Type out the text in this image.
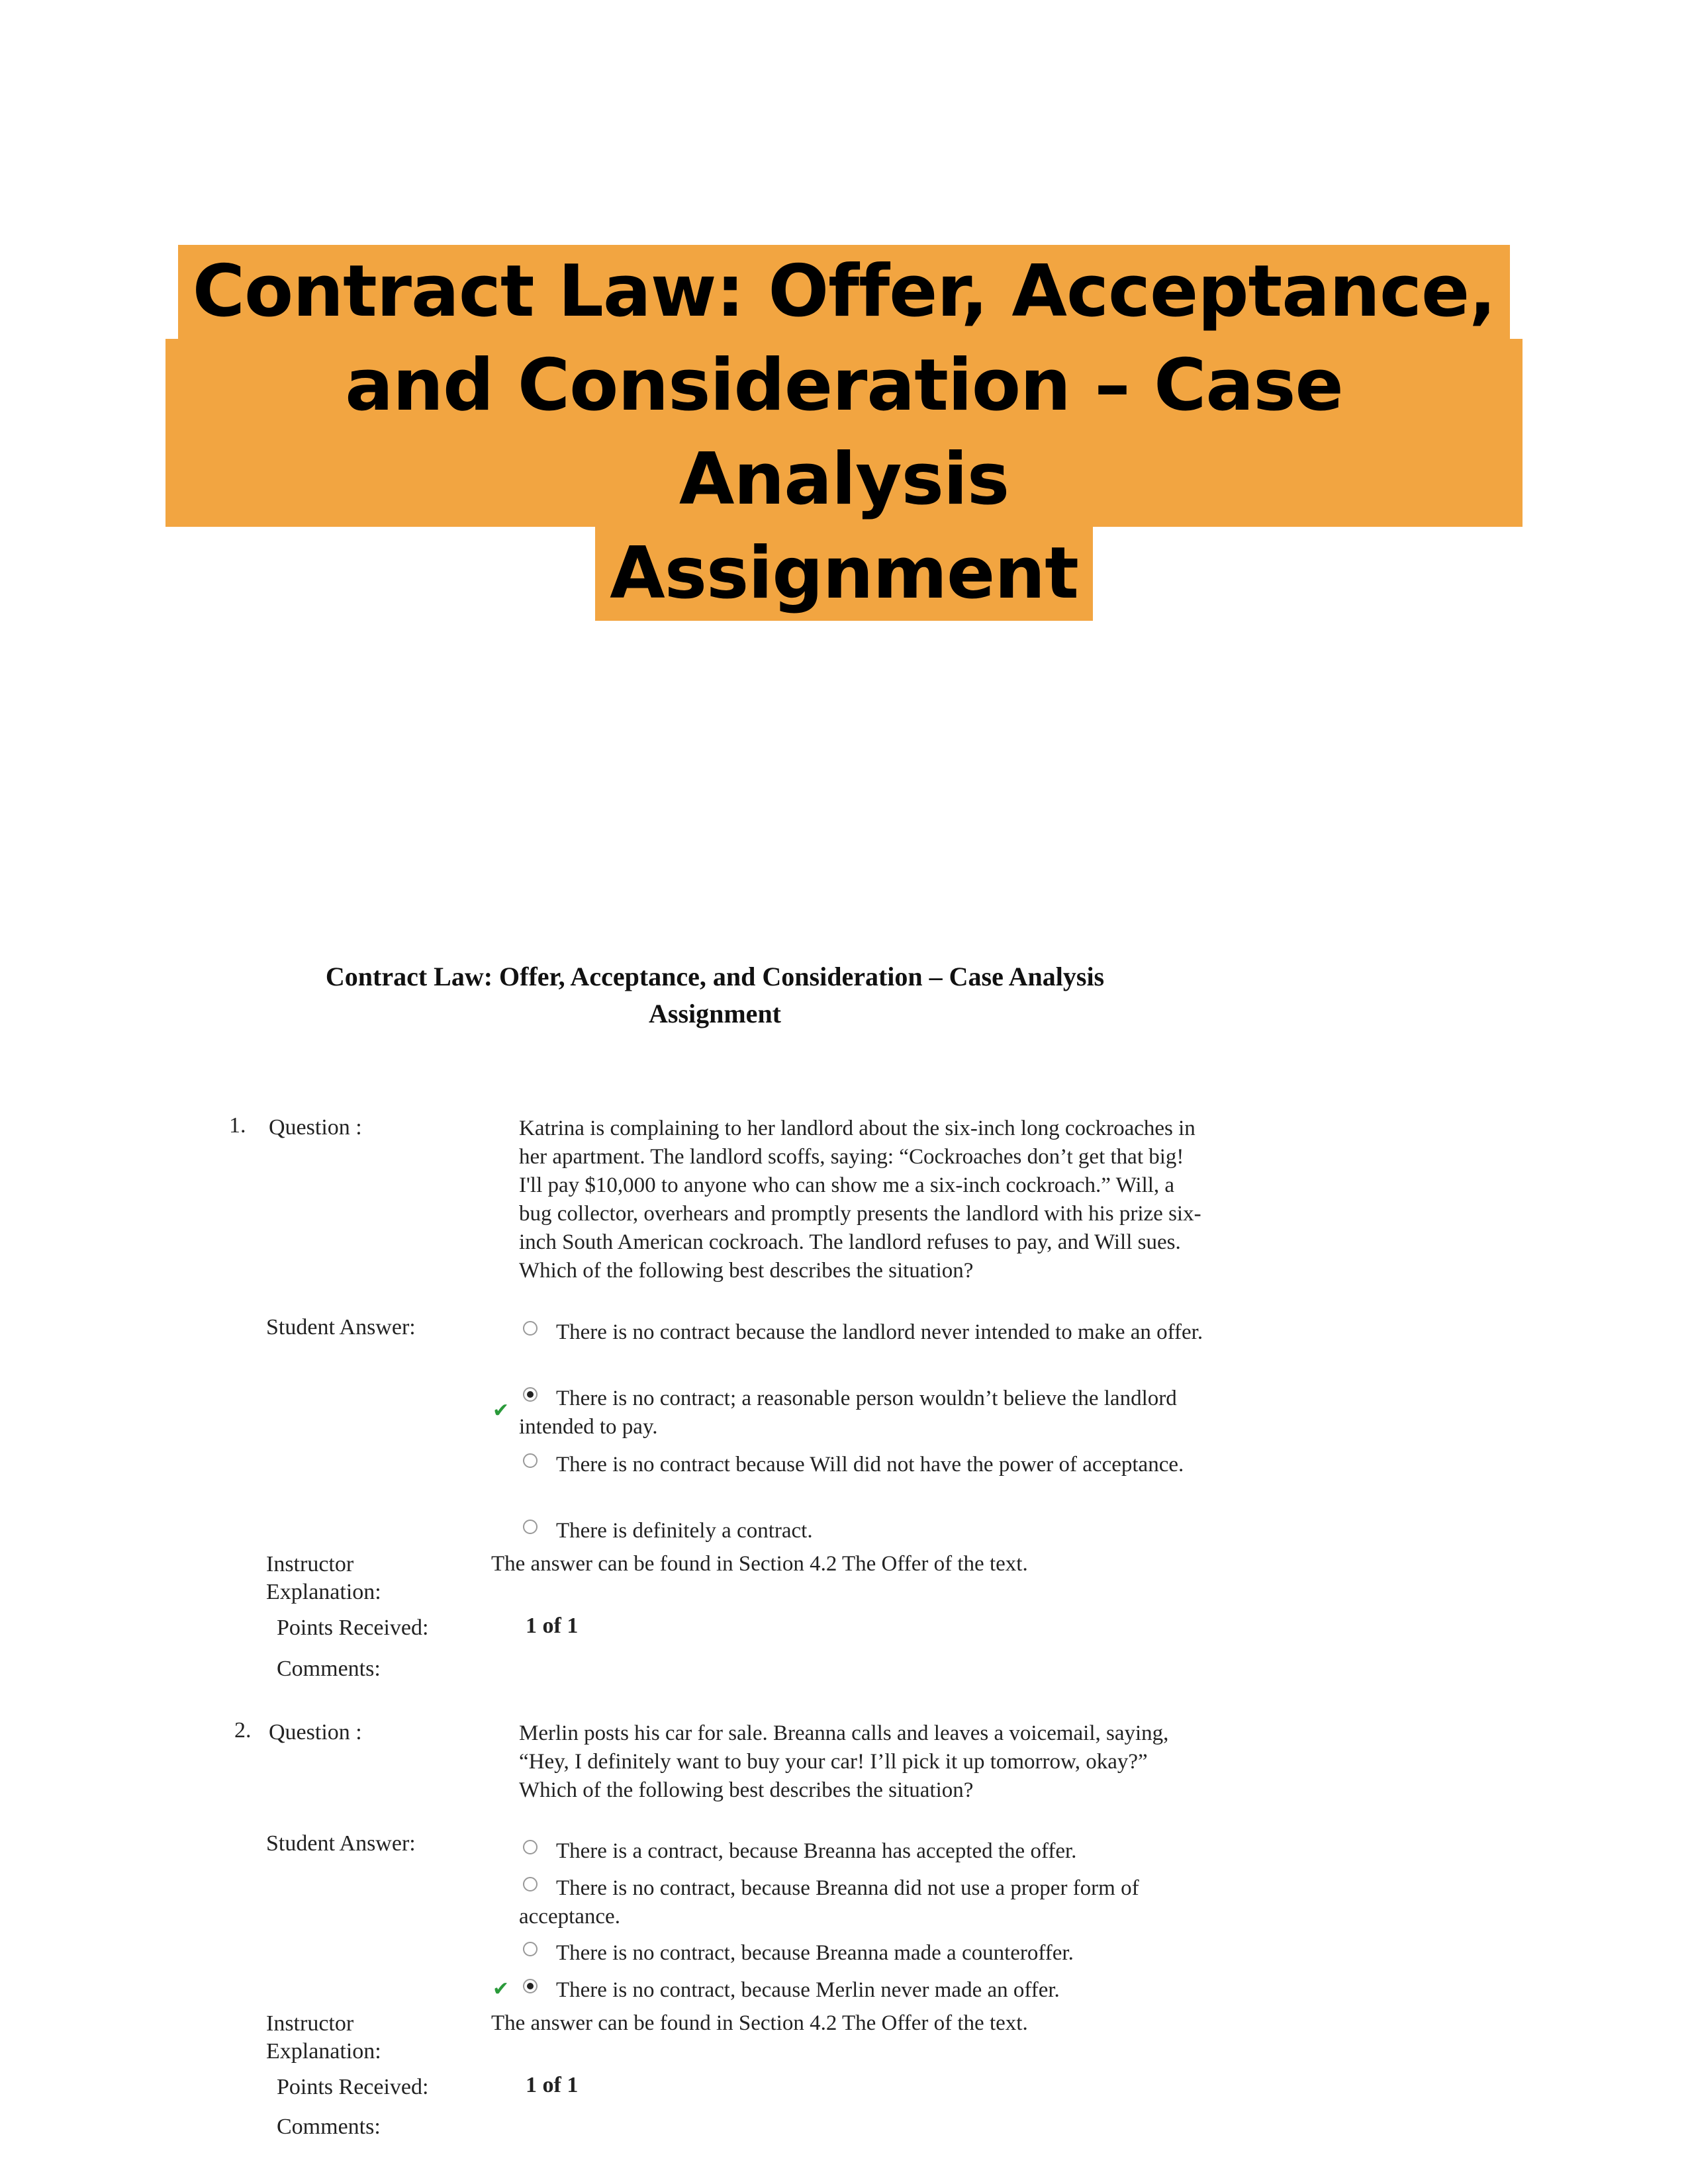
Contract Law: Offer, Acceptance,
and Consideration – Case Analysis
Assignment
Contract Law: Offer, Acceptance, and Consideration – Case Analysis
Assignment
1. Question :	Katrina is complaining to her landlord about the six-inch long cockroaches in her apartment. The landlord scoffs, saying: “Cockroaches don’t get that big! I'll pay $10,000 to anyone who can show me a six-inch cockroach.” Will, a bug collector, overhears and promptly presents the landlord with his prize six-inch South American cockroach. The landlord refuses to pay, and Will sues. Which of the following best describes the situation?
Student Answer:	There is no contract because the landlord never intended to make an offer.
✔
There is no contract; a reasonable person wouldn’t believe the landlord intended to pay.
There is no contract because Will did not have the power of acceptance.
There is definitely a contract.
Instructor
Explanation:
The answer can be found in Section 4.2 The Offer of the text.
Points Received:	1 of 1
Comments:
2. Question :	Merlin posts his car for sale. Breanna calls and leaves a voicemail, saying, “Hey, I definitely want to buy your car! I’ll pick it up tomorrow, okay?” Which of the following best describes the situation?
Student Answer:	There is a contract, because Breanna has accepted the offer.
There is no contract, because Breanna did not use a proper form of acceptance.
There is no contract, because Breanna made a counteroffer.
✔	There is no contract, because Merlin never made an offer.
Instructor
Explanation:
The answer can be found in Section 4.2 The Offer of the text.
Points Received:	1 of 1
Comments:
